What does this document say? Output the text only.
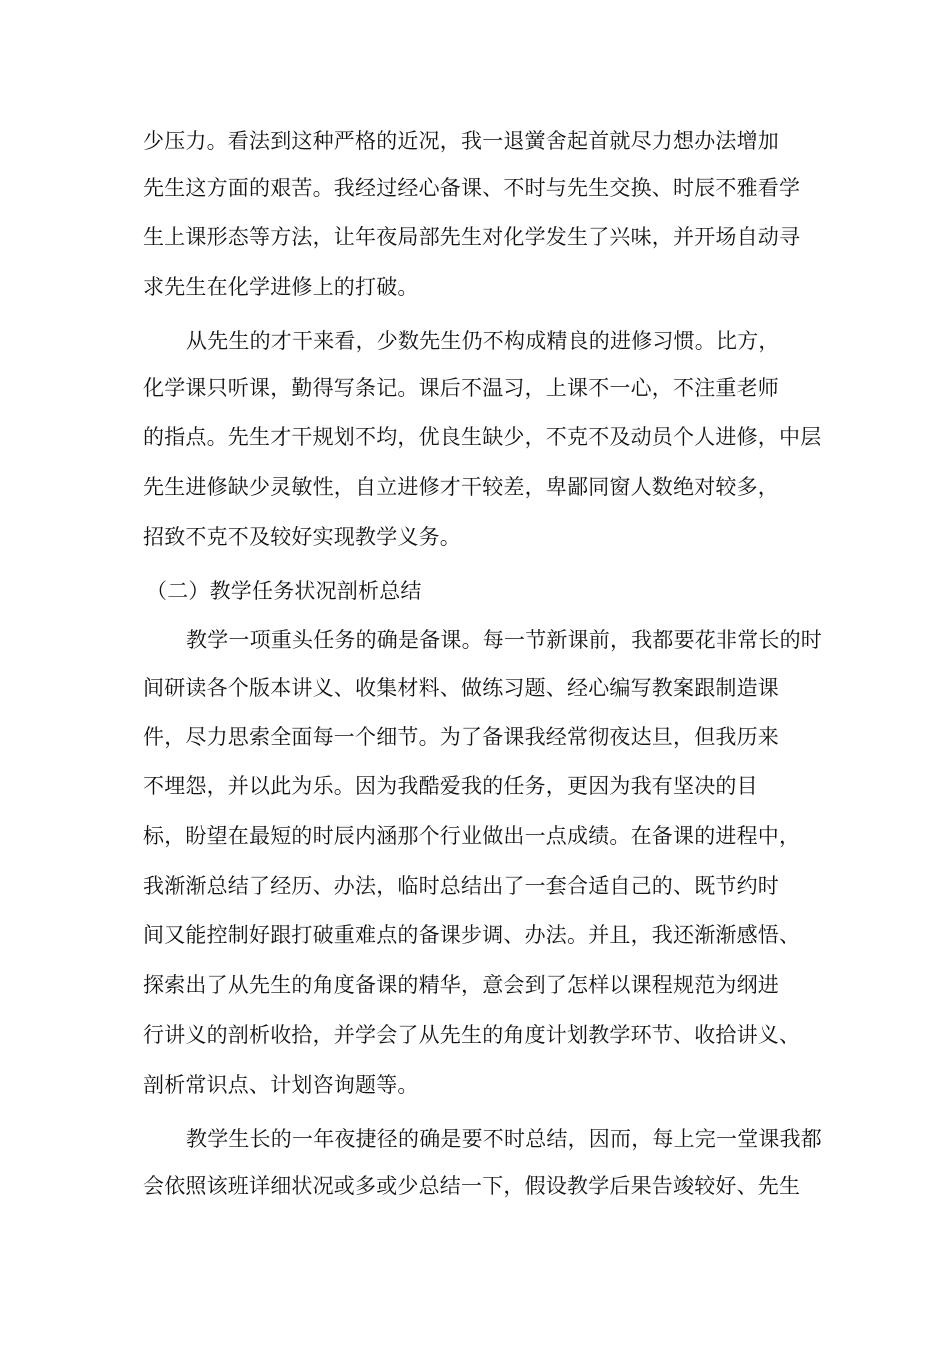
少压力。看法到这种严格的近况，我一退黉舍起首就尽力想办法增加
先生这方面的艰苦。我经过经心备课、不时与先生交换、时辰不雅看学
生上课形态等方法，让年夜局部先生对化学发生了兴味，并开场自动寻
求先生在化学进修上的打破。
从先生的才干来看，少数先生仍不构成精良的进修习惯。比方，
化学课只听课，勤得写条记。课后不温习，上课不一心，不注重老师
的指点。先生才干规划不均，优良生缺少，不克不及动员个人进修，中层
先生进修缺少灵敏性，自立进修才干较差，卑鄙同窗人数绝对较多，
招致不克不及较好实现教学义务。
（二）教学任务状况剖析总结
教学一项重头任务的确是备课。每一节新课前，我都要花非常长的时
间研读各个版本讲义、收集材料、做练习题、经心编写教案跟制造课
件，尽力思索全面每一个细节。为了备课我经常彻夜达旦，但我历来
不埋怨，并以此为乐。因为我酷爱我的任务，更因为我有坚决的目
标，盼望在最短的时辰内涵那个行业做出一点成绩。在备课的进程中，
我渐渐总结了经历、办法，临时总结出了一套合适自己的、既节约时
间又能控制好跟打破重难点的备课步调、办法。并且，我还渐渐感悟、
探索出了从先生的角度备课的精华，意会到了怎样以课程规范为纲进
行讲义的剖析收拾，并学会了从先生的角度计划教学环节、收拾讲义、
剖析常识点、计划咨询题等。
教学生长的一年夜捷径的确是要不时总结，因而，每上完一堂课我都
会依照该班详细状况或多或少总结一下，假设教学后果告竣较好、先生
